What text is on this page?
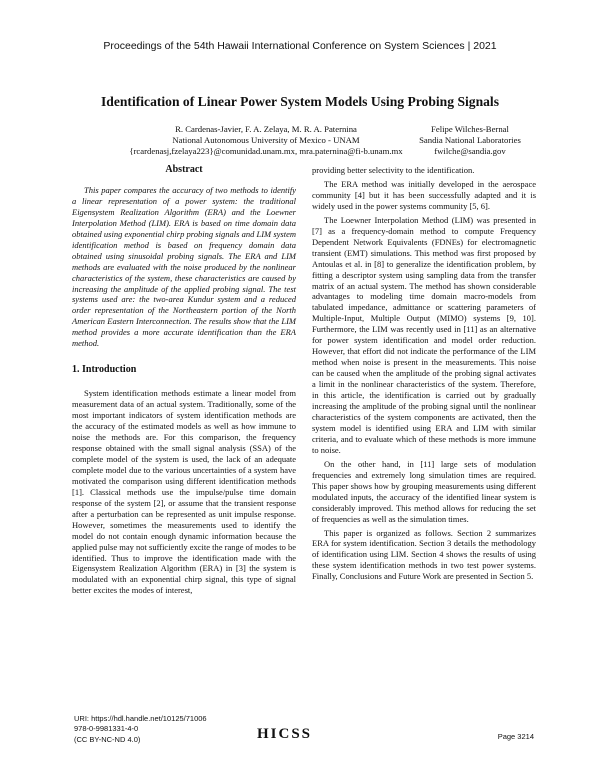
Proceedings of the 54th Hawaii International Conference on System Sciences | 2021
Identification of Linear Power System Models Using Probing Signals
R. Cardenas-Javier, F. A. Zelaya, M. R. A. Paternina
National Autonomous University of Mexico - UNAM
{rcardenasj,fzelaya223}@comunidad.unam.mx, mra.paternina@fi-b.unam.mx
Felipe Wilches-Bernal
Sandia National Laboratories
fwilche@sandia.gov
Abstract

This paper compares the accuracy of two methods to identify a linear representation of a power system: the traditional Eigensystem Realization Algorithm (ERA) and the Loewner Interpolation Method (LIM). ERA is based on time domain data obtained using exponential chirp probing signals and LIM system identification method is based on frequency domain data obtained using sinusoidal probing signals. The ERA and LIM methods are evaluated with the noise produced by the nonlinear characteristics of the system, these characteristics are caused by increasing the amplitude of the applied probing signal. The test systems used are: the two-area Kundur system and a reduced order representation of the Northeastern portion of the North American Eastern Interconnection. The results show that the LIM method provides a more accurate identification than the ERA method.

1. Introduction

System identification methods estimate a linear model from measurement data of an actual system. Traditionally, some of the most important indicators of system identification methods are the accuracy of the estimated models as well as how immune to noise the methods are. For this comparison, the frequency response obtained with the small signal analysis (SSA) of the complete model of the system is used, the lack of an adequate complete model due to the various uncertainties of a system have motivated the comparison using different identification methods [1]. Classical methods use the impulse/pulse time domain response of the system [2], or assume that the transient response after a perturbation can be represented as unit impulse response. However, sometimes the measurements used to identify the model do not contain enough dynamic information because the applied pulse may not sufficiently excite the range of modes to be identified. Thus to improve the identification made with the Eigensystem Realization Algorithm (ERA) in [3] the system is modulated with an exponential chirp signal, this type of signal better excites the modes of interest,

providing better selectivity to the identification.

The ERA method was initially developed in the aerospace community [4] but it has been successfully adapted and it is widely used in the power systems community [5, 6].

The Loewner Interpolation Method (LIM) was presented in [7] as a frequency-domain method to compute Frequency Dependent Network Equivalents (FDNEs) for electromagnetic transient (EMT) simulations. This method was first proposed by Antoulas et al. in [8] to generalize the identification problem, by fitting a descriptor system using sampling data from the transfer matrix of an actual system. The method has shown considerable advantages to modeling time domain macro-models from tabulated impedance, admittance or scattering parameters of Multiple-Input, Multiple Output (MIMO) systems [9, 10]. Furthermore, the LIM was recently used in [11] as an alternative for power system identification and model order reduction. However, that effort did not indicate the performance of the LIM method when noise is present in the measurements. This noise can be caused when the amplitude of the probing signal activates a limit in the nonlinear characteristics of the system. Therefore, in this article, the identification is carried out by gradually increasing the amplitude of the probing signal until the nonlinear characteristics of the system components are activated, then the system model is identified using ERA and LIM with similar criteria, and to evaluate which of these methods is more immune to noise.

On the other hand, in [11] large sets of modulation frequencies and extremely long simulation times are required. This paper shows how by grouping measurements using different modulated inputs, the accuracy of the identified linear system is considerably improved. This method allows for reducing the set of frequencies as well as the simulation times.

This paper is organized as follows. Section 2 summarizes ERA for system identification. Section 3 details the methodology of identification using LIM. Section 4 shows the results of using these system identification methods in two test power systems. Finally, Conclusions and Future Work are presented in Section 5.

URI: https://hdl.handle.net/10125/71006
978-0-9981331-4-0
(CC BY-NC-ND 4.0)	HICSS	Page 3214
